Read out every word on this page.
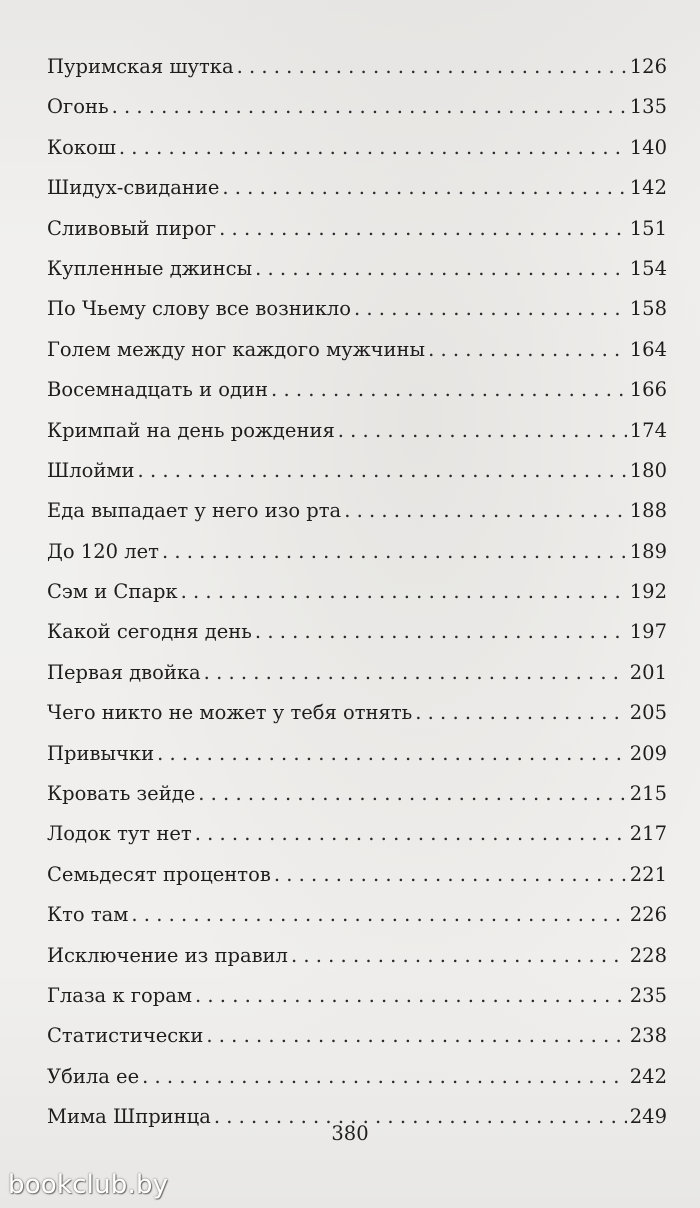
Пуримская шутка . . .	126
Огонь . . .	135
Кокош . . .	140
Шидух-свидание . . .	142
Сливовый пирог . . .	151
Купленные джинсы . . .	154
По Чьему слову все возникло . . .	158
Голем между ног каждого мужчины . . .	164
Восемнадцать и один . . .	166
Кримпай на день рождения . . .	174
Шлойми . . .	180
Еда выпадает у него изо рта . . .	188
До 120 лет . . .	189
Сэм и Спарк . . .	192
Какой сегодня день . . .	197
Первая двойка . . .	201
Чего никто не может у тебя отнять . . .	205
Привычки . . .	209
Кровать зейде . . .	215
Лодок тут нет . . .	217
Семьдесят процентов . . .	221
Кто там . . .	226
Исключение из правил . . .	228
Глаза к горам . . .	235
Статистически . . .	238
Убила ее . . .	242
Мима Шпринца . . .	249
380
bookclub.by
